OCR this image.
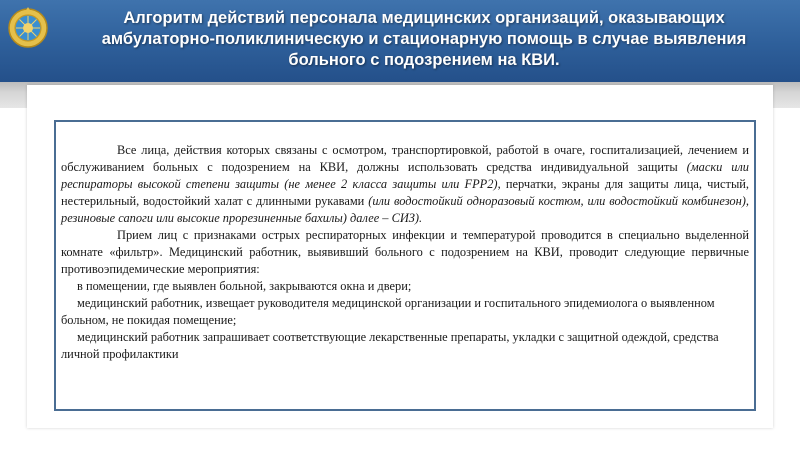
Алгоритм действий персонала медицинских организаций, оказывающих
амбулаторно-поликлиническую и стационарную помощь в случае выявления
больного с подозрением на КВИ.

Все лица, действия которых связаны с осмотром, транспортировкой, работой в очаге, госпитализацией, лечением и обслуживанием больных с подозрением на КВИ, должны использовать средства индивидуальной защиты (маски или респираторы высокой степени защиты (не менее 2 класса защиты или FPP2), перчатки, экраны для защиты лица, чистый, нестерильный, водостойкий халат с длинными рукавами (или водостойкий одноразовый костюм, или водостойкий комбинезон), резиновые сапоги или высокие прорезиненные бахилы) далее – СИЗ).

Прием лиц с признаками острых респираторных инфекции и температурой проводится в специально выделенной комнате «фильтр». Медицинский работник, выявивший больного с подозрением на КВИ, проводит следующие первичные противоэпидемические мероприятия:

в помещении, где выявлен больной, закрываются окна и двери;

медицинский работник, извещает руководителя медицинской организации и госпитального эпидемиолога о выявленном больном, не покидая помещение;

медицинский работник запрашивает соответствующие лекарственные препараты, укладки с защитной одеждой, средства личной профилактики
